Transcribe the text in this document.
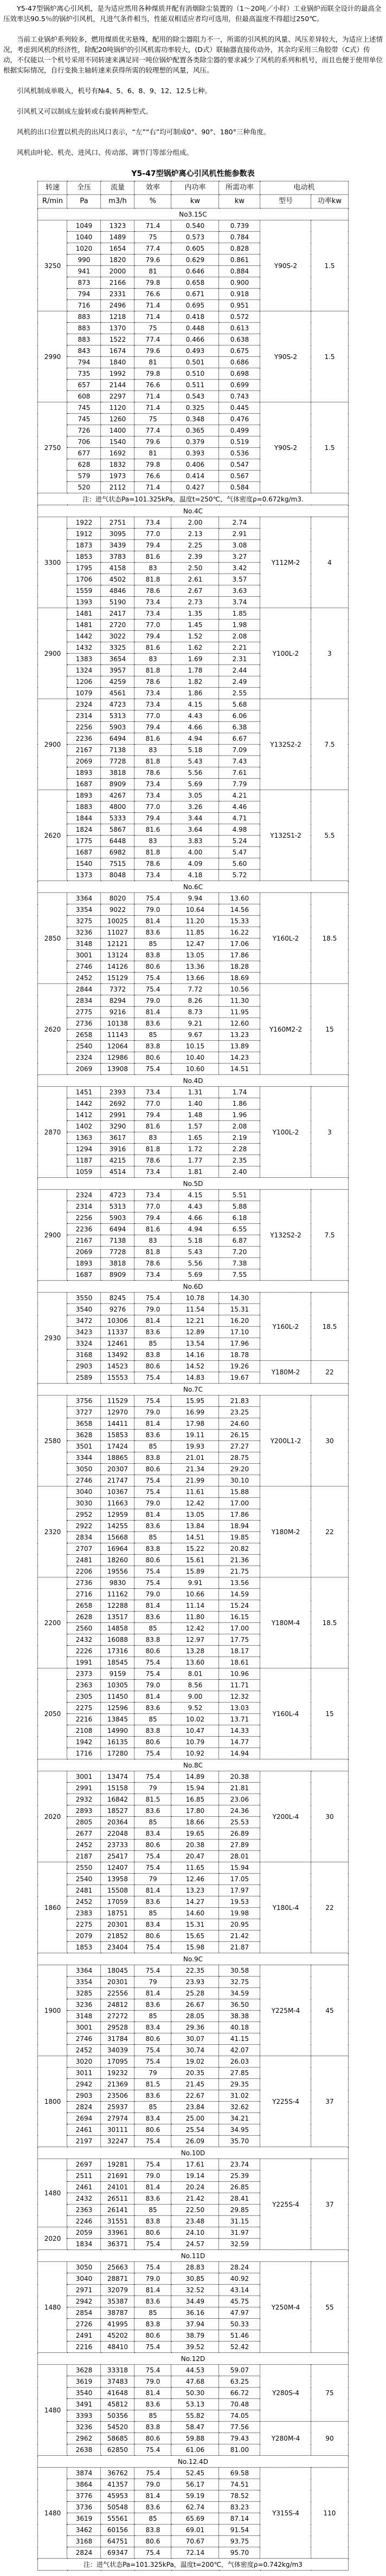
Y5-47型锅炉离心引风机，是为适应然用各种煤质并配有消烟除尘装置的（1～20吨／小时）工业锅炉而联全设计的最高全压效率达90.5％的锅炉引风机，凡进气条件相当，性能双相适应者均可选用，但最高温度不得超过250℃。

当前工业锅炉系列较多，燃用煤质优劣悬殊，配用的除尘器阻力不一，所需的引风机的风量、风压差异较大，为适应上述情况，考虑到风机的经济性，除配20吨锅炉的引风机需功率较大，(D式）联轴器直接传动外，其余均采用三角胶带（C式）传动，不仅能以一个机号采用不同转速来满足同一吨位锅炉配置各类除尘器的要求减少了风机的系列和机号，而且也便于使用单位根据实际情况，自行变换主轴转速来获得所需的较理想的风量，风压。

引风机制成单吸入，机号有№4、5、6、8、9、12、12.5七种。

引风机又可以制成左旋转或右旋转两种型式。

风机的出口位置以机壳的出风口表示，“左”“右”均可制成0°、90°、180°三种角度。

风机由叶轮、机壳、进风口、传动部、调节门等部分组成。

Y5-47型锅炉离心引风机性能参数表
转速	全压	流量	效率	内功率	所需功率	电动机	
R/min	Pa	m3/h	%	kw	kw	型号	功率kw
No3.15C							
3250	1049	1323	71.4	0.540	0.739	Y90S-2	1.5
	1040	1489	75	0.573	0.784		
	1020	1654	77.4	0.605	0.828		
	990	1820	79.6	0.629	0.861		
	941	2000	81	0.646	0.884		
	873	2166	79.8	0.658	0.900		
	794	2331	76.6	0.671	0.918		
	716	2496	71.4	0.695	0.951		
2990	883	1218	71.4	0.418	0.572	Y90S-2	1.5
	883	1370	75	0.448	0.613		
	883	1522	77.4	0.466	0.638		
	843	1674	79.6	0.493	0.675		
	794	1840	81	0.501	0.686		
	735	1992	79.8	0.510	0.698		
	657	2144	76.6	0.511	0.699		
	608	2297	71.4	0.543	0.743		
2750	745	1120	71.4	0.325	0.445	Y90S-2	1.5
	745	1260	75	0.348	0.476		
	726	1400	77.4	0.365	0.499		
	706	1540	79.6	0.379	0.519		
	677	1692	81	0.393	0.536		
	628	1832	79.8	0.406	0.547		
	579	1973	76.6	0.414	0.567		
	520	2112	71.4	0.427	0.584		
注：进气状态Pa=101.325kPa，温度t=250℃，气体密度ρ=0.672kg/m3.							
No.4C							
3300	1922	2751	73.4	2.00	2.74	Y112M-2	4
	1912	3095	77.0	2.13	2.91		
	1873	3439	79.4	2.25	3.08		
	1853	3783	81.6	2.39	3.27		
	1795	4158	83	2.50	3.42		
	1706	4502	81.8	2.61	3.57		
	1559	4846	78.6	2.67	3.63		
	1393	5190	73.4	2.73	3.74		
2900	1481	2417	73.4	1.35	1.85	Y100L-2	3
	1481	2720	77.0	1.45	1.98		
	1442	3022	79.4	1.52	2.08		
	1432	3325	81.6	1.62	2.21		
	1383	3654	83	1.69	2.31		
	1324	3957	81.8	1.78	2.44		
	1206	4259	78.6	1.82	2.49		
	1079	4561	73.4	1.86	2.55		
2900	2324	4723	73.4	4.15	5.68	Y132S2-2	7.5
	2314	5313	77.0	4.43	6.06		
	2256	5903	79.4	4.66	6.38		
	2236	6494	81.6	4.94	6.67		
	2167	7138	83	5.18	7.09		
	2069	7728	81.8	5.43	7.43		
	1893	3818	78.6	5.56	7.61		
	1687	8909	73.4	5.69	7.79		
2620	1893	4267	73.4	3.05	4.21	Y132S1-2	5.5
	1883	4800	77.0	3.26	4.46		
	1844	5333	79.4	3.44	4.71		
	1824	5867	81.6	3.64	4.98		
	1775	6448	83	3.83	5.24		
	1687	6982	81.8	4.00	5.47		
	1540	7515	78.6	4.09	5.60		
	1373	8048	73.4	4.18	5.72		
No.6C							
2850	3364	8020	75.4	9.94	13.60	Y160L-2	18.5
	3354	9022	79.0	10.64	14.56		
	3275	10025	81.4	11.20	15.33		
	3236	11027	83.6	11.85	16.22		
	3148	12121	85	12.47	17.06		
	3001	13124	83.8	13.05	17.86		
	2746	14126	80.6	13.36	18.28		
	2452	15129	75.4	13.66	18.69		
2620	2844	7372	75.4	7.72	10.56	Y160M2-2	15
	2834	8294	79.0	8.26	11.30		
	2775	9216	81.4	8.73	11.95		
	2736	10138	83.6	9.21	12.60		
	2658	11143	85	9.67	13.23		
	2540	12064	83.8	10.15	13.89		
	2324	12986	80.6	10.40	14.23		
	2069	13908	75.4	10.60	14.51		
No.4D							
2870	1451	2393	73.4	1.31	1.74	Y100L-2	3
	1442	2692	77.0	1.40	1.86		
	1412	2991	79.4	1.48	1.96		
	1402	3290	81.6	1.57	2.08		
	1363	3617	83	1.65	2.19		
	1294	3916	81.8	1.72	2.28		
	1187	4215	78.6	1.77	2.35		
	1059	4514	73.4	1.81	2.40		
No.5D							
2900	2324	4723	73.4	4.15	5.51	Y132S2-2	7.5
	2314	5313	77.0	4.43	5.88		
	2256	5903	79.4	4.66	6.18		
	2236	6494	81.6	4.94	6.55		
	2167	7138	83	5.18	6.87		
	2069	7728	81.8	5.43	7.20		
	1893	3818	78.6	5.56	7.38		
	1687	8909	73.4	5.69	7.55		
No.6D							
2930	3550	8245	75.4	10.78	14.30	Y160L-2	18.5
	3540	9276	79.0	11.54	15.31		
	3472	10306	81.4	12.21	16.20		
	3423	11337	83.6	12.89	17.10		
	3324	12461	85	13.54	17.96		
	3168	13492	83.8	14.16	18.78		
	2903	14523	80.6	14.52	19.26	Y180M-2	22
	2589	15553	75.4	14.83	19.67		
No.7C							
2580	3756	11529	75.4	15.95	21.83	Y200L1-2	30
	3727	12970	79.0	16.99	23.25		
	3658	14411	81.4	17.98	24.60		
	3628	15853	83.6	19.11	26.15		
	3501	17424	85	19.93	27.27		
	3344	18865	83.8	21.01	28.75		
	3050	20307	80.6	21.34	29.20		
	2746	21747	75.4	21.99	30.10		
2320	3040	10367	75.4	11.61	15.88	Y180M-2	22
	3030	11663	79.0	12.42	17.00		
	2952	12959	81.4	13.05	17.86		
	2922	14255	83.6	13.84	18.94		
	2834	15668	85	14.51	19.85		
	2707	16964	83.8	15.22	20.82		
	2481	18260	80.6	15.61	21.36		
	2206	19556	75.4	15.89	21.75		
2200	2736	9830	75.4	9.91	13.56	Y180M-4	18.5
	2716	11162	79.0	10.66	14.59		
	2658	12288	81.4	11.14	15.24		
	2628	13517	83.6	11.80	16.15		
	2560	14858	85	12.42	17.00		
	2432	16088	83.8	12.97	17.75		
	2226	17316	80.6	13.28	18.17		
	1991	18545	75.4	13.60	18.61		
2050	2373	9159	75.4	8.01	10.96	Y160L-4	15
	2363	10305	79.0	8.56	11.71		
	2305	11450	81.4	9.00	12.32		
	2275	12596	83.6	9.52	13.03		
	2216	13845	85	10.02	13.71		
	2108	14990	83.8	10.47	14.33		
	1942	16135	80.6	10.79	14.77		
	1716	17280	75.4	10.92	14.94		
No.8C							
2020	3001	13474	75.4	14.89	20.38	Y200L-4	30
	2991	15158	79	15.94	21.81		
	2932	16842	81.5	16.85	23.06		
	2893	18527	83.6	17.80	24.36		
	2805	20364	85	18.66	25.53		
	2677	22048	83.4	19.65	26.89		
	2452	23733	80.6	20.38	27.89		
	2187	25417	75.4	20.47	28.01		
1860	2550	12407	75.4	11.65	15.94	Y180L-4	22
	2540	13958	79	12.46	17.05		
	2481	15508	81.4	13.23	17.97		
	2452	17059	83.6	14.27	19.53		
	2383	18751	85	14.60	19.98		
	2275	20301	83.4	15.31	20.95		
	2079	21852	80.6	15.65	21.42		
	1853	23404	75.4	15.98	21.87		
No.9C							
1900	3364	18045	75.4	22.35	30.58	Y225M-4	45
	3354	20301	79	23.93	32.75		
	3285	22556	81.4	25.28	34.59		
	3236	24812	83.6	26.67	36.50		
	3148	27272	85	28.05	38.38		
	3001	29528	83.4	29.36	40.18		
	2746	31784	80.6	30.07	41.15		
	2452	34039	75.4	30.74	42.07		
1800	3020	17095	75.4	19.02	26.03	Y225S-4	37
	3011	19232	79	20.35	27.85		
	2942	21369	81.5	21.45	29.35		
	2903	23506	83.6	22.67	31.02		
	2824	25937	85	23.84	32.62		
	2694	27974	83.4	25.00	34.21		
	2461	30111	80.6	25.54	34.95		
	2197	32247	75.4	26.09	35.70		
No.10D							
1480	2697	19281	75.4	17.61	23.74	Y225S-4	37
	2511	21691	79.0	19.14	25.39		
	2461	24101	81.4	20.24	26.85		
	2432	26511	83.6	21.42	28.41		
	2363	26141	85	22.50	29.85		
	2246	31551	83.8	23.48	31.15		
2020	2059	33961	80.6	24.10	31.97		
	1834	36371	75.4	24.57	32.59		
No.11D							
1480	3050	25663	75.4	28.83	28.24	Y250M-4	55
	3040	28871	79.0	30.85	40.92		
	2971	32079	81.4	32.52	43.14		
	2942	35387	83.6	34.49	45.75		
	2854	38787	85	36.16	47.97		
	2726	41995	83.8	37.94	50.33		
	2491	45202	80.6	38.79	51.46		
	2216	48410	75.4	39.52	52.42		
No.12D							
1480	3628	33318	75.4	44.53	59.07	Y280S-4	75
	3619	37483	79.0	47.68	63.25		
	3540	41648	81.4	50.30	66.72		
	3491	45812	83.6	53.13	70.48		
	3393	50356	85	55.82	74.05		
	3236	54520	83.8	58.47	77.56	Y280M-4	90
	2962	58685	80.6	59.88	79.43		
	2638	62850	75.4	61.06	81.00		
No.12.4D							
1480	3874	36762	75.4	52.45	69.58	Y315S-4	110
	3864	41357	79.0	56.17	74.51		
	3776	45953	81.4	59.19	78.52		
	3736	50548	83.6	62.74	83.23		
	3619	55561	85	65.69	87.14		
	3462	60156	83.8	69.01	91.54		
	3168	64751	80.6	70.67	93.75		
	2824	69347	75.4	72.14	95.70		
注：进气状态Pa=101.325kPa，温度t=200℃，气体密度ρ=0.742kg/m3							
